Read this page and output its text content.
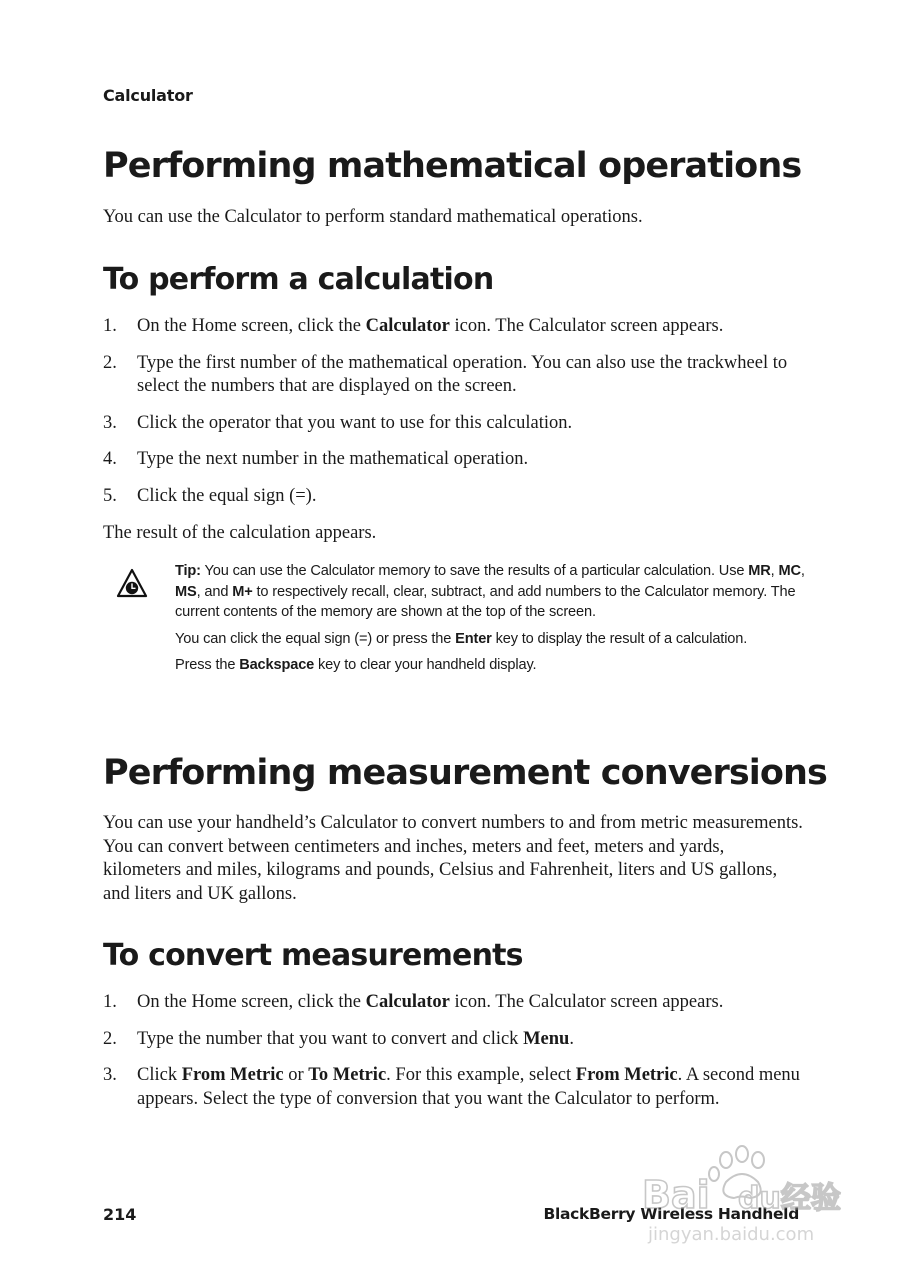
Calculator
Performing mathematical operations

You can use the Calculator to perform standard mathematical operations.

To perform a calculation
1. On the Home screen, click the Calculator icon. The Calculator screen appears.
2. Type the first number of the mathematical operation. You can also use the trackwheel to select the numbers that are displayed on the screen.
3. Click the operator that you want to use for this calculation.
4. Type the next number in the mathematical operation.
5. Click the equal sign (=).

The result of the calculation appears.

Tip: You can use the Calculator memory to save the results of a particular calculation. Use MR, MC, MS, and M+ to respectively recall, clear, subtract, and add numbers to the Calculator memory. The current contents of the memory are shown at the top of the screen.

You can click the equal sign (=) or press the Enter key to display the result of a calculation.

Press the Backspace key to clear your handheld display.

Performing measurement conversions

You can use your handheld’s Calculator to convert numbers to and from metric measurements. You can convert between centimeters and inches, meters and feet, meters and yards, kilometers and miles, kilograms and pounds, Celsius and Fahrenheit, liters and US gallons, and liters and UK gallons.

To convert measurements
1. On the Home screen, click the Calculator icon. The Calculator screen appears.
2. Type the number that you want to convert and click Menu.
3. Click From Metric or To Metric. For this example, select From Metric. A second menu appears. Select the type of conversion that you want the Calculator to perform.
214	BlackBerry Wireless Handheld
Bai du经验
jingyan.baidu.com
